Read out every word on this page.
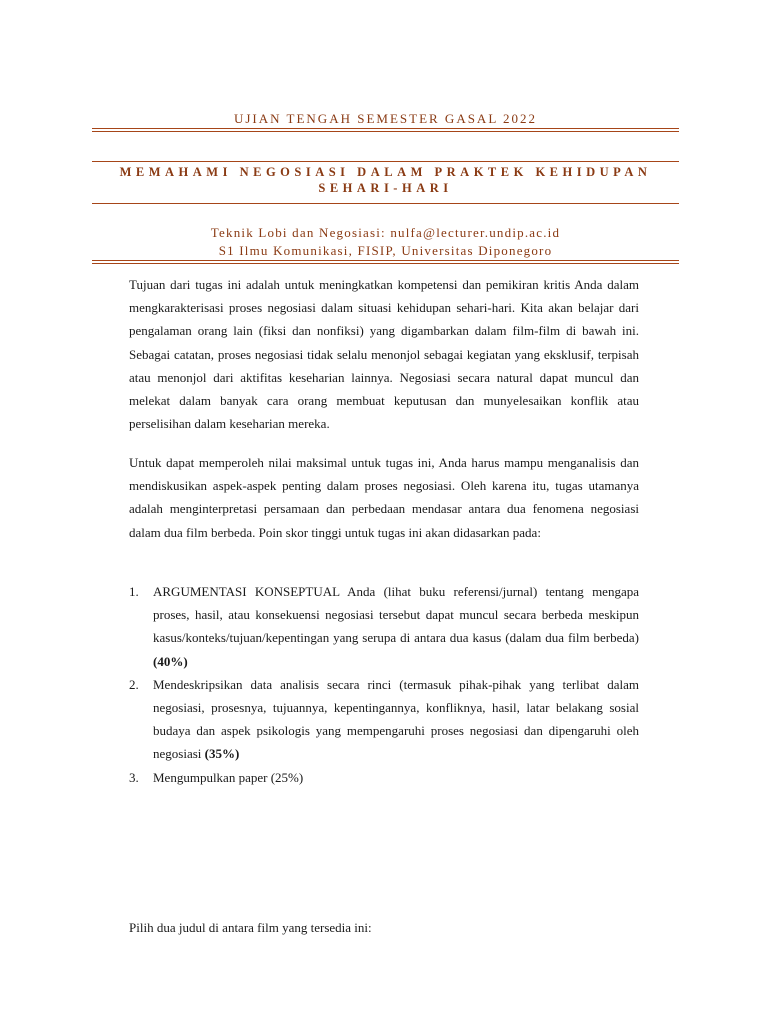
UJIAN TENGAH SEMESTER GASAL 2022
MEMAHAMI NEGOSIASI DALAM PRAKTEK KEHIDUPAN
SEHARI-HARI
Teknik Lobi dan Negosiasi: nulfa@lecturer.undip.ac.id
S1 Ilmu Komunikasi, FISIP, Universitas Diponegoro

Tujuan dari tugas ini adalah untuk meningkatkan kompetensi dan pemikiran kritis Anda dalam mengkarakterisasi proses negosiasi dalam situasi kehidupan sehari-hari. Kita akan belajar dari pengalaman orang lain (fiksi dan nonfiksi) yang digambarkan dalam film-film di bawah ini. Sebagai catatan, proses negosiasi tidak selalu menonjol sebagai kegiatan yang eksklusif, terpisah atau menonjol dari aktifitas keseharian lainnya. Negosiasi secara natural dapat muncul dan melekat dalam banyak cara orang membuat keputusan dan munyelesaikan konflik atau perselisihan dalam keseharian mereka.

Untuk dapat memperoleh nilai maksimal untuk tugas ini, Anda harus mampu menganalisis dan mendiskusikan aspek-aspek penting dalam proses negosiasi. Oleh karena itu, tugas utamanya adalah menginterpretasi persamaan dan perbedaan mendasar antara dua fenomena negosiasi dalam dua film berbeda. Poin skor tinggi untuk tugas ini akan didasarkan pada:

1. ARGUMENTASI KONSEPTUAL Anda (lihat buku referensi/jurnal) tentang mengapa proses, hasil, atau konsekuensi negosiasi tersebut dapat muncul secara berbeda meskipun kasus/konteks/tujuan/kepentingan yang serupa di antara dua kasus (dalam dua film berbeda) (40%)
2. Mendeskripsikan data analisis secara rinci (termasuk pihak-pihak yang terlibat dalam negosiasi, prosesnya, tujuannya, kepentingannya, konfliknya, hasil, latar belakang sosial budaya dan aspek psikologis yang mempengaruhi proses negosiasi dan dipengaruhi oleh negosiasi (35%)
3. Mengumpulkan paper (25%)

Pilih dua judul di antara film yang tersedia ini:
